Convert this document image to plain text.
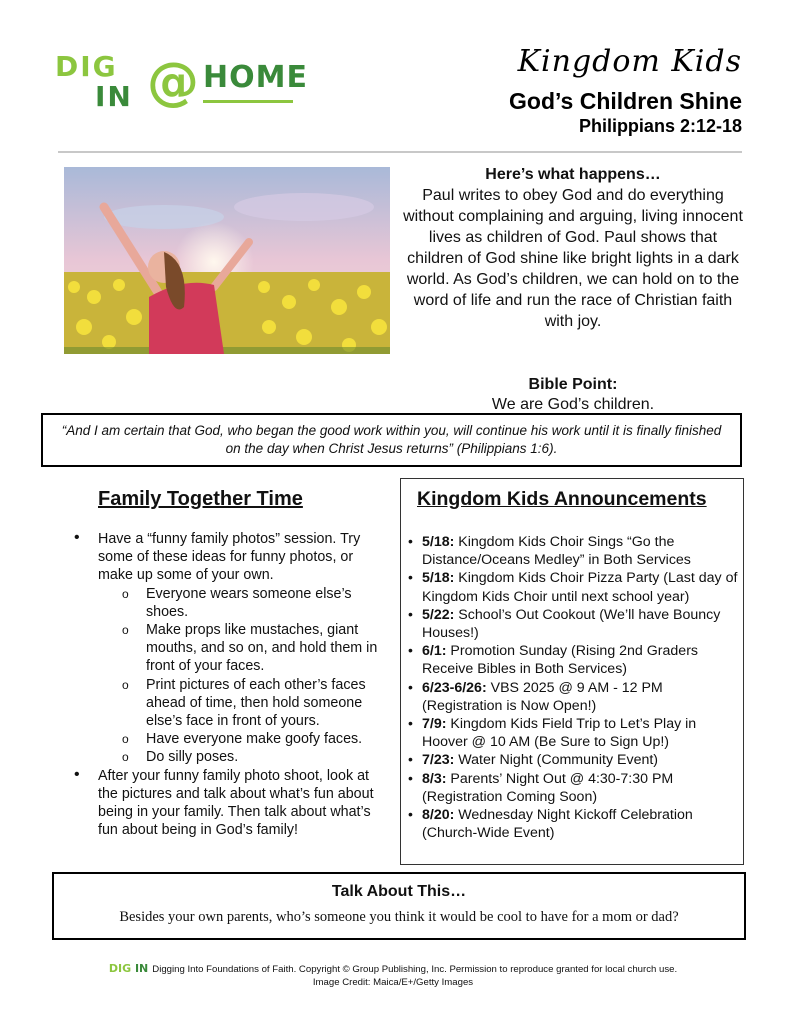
DIG
IN @ HOME	Kingdom Kids
God’s Children Shine
Philippians 2:12-18
Here’s what happens…
Paul writes to obey God and do everything without complaining and arguing, living innocent lives as children of God. Paul shows that children of God shine like bright lights in a dark world. As God’s children, we can hold on to the word of life and run the race of Christian faith with joy.
Bible Point:
We are God’s children.
“And I am certain that God, who began the good work within you, will continue his work until it is finally finished on the day when Christ Jesus returns” (Philippians 1:6).
Family Together Time
• Have a “funny family photos” session. Try some of these ideas for funny photos, or make up some of your own.
o Everyone wears someone else’s shoes.
o Make props like mustaches, giant mouths, and so on, and hold them in front of your faces.
o Print pictures of each other’s faces ahead of time, then hold someone else’s face in front of yours.
o Have everyone make goofy faces.
o Do silly poses.
• After your funny family photo shoot, look at the pictures and talk about what’s fun about being in your family. Then talk about what’s fun about being in God’s family!
Kingdom Kids Announcements
• 5/18: Kingdom Kids Choir Sings “Go the Distance/Oceans Medley” in Both Services
• 5/18: Kingdom Kids Choir Pizza Party (Last day of Kingdom Kids Choir until next school year)
• 5/22: School’s Out Cookout (We’ll have Bouncy Houses!)
• 6/1: Promotion Sunday (Rising 2nd Graders Receive Bibles in Both Services)
• 6/23-6/26: VBS 2025 @ 9 AM - 12 PM (Registration is Now Open!)
• 7/9: Kingdom Kids Field Trip to Let’s Play in Hoover @ 10 AM (Be Sure to Sign Up!)
• 7/23: Water Night (Community Event)
• 8/3: Parents’ Night Out @ 4:30-7:30 PM (Registration Coming Soon)
• 8/20: Wednesday Night Kickoff Celebration (Church-Wide Event)
Talk About This…
Besides your own parents, who’s someone you think it would be cool to have for a mom or dad?
DIG IN Digging Into Foundations of Faith. Copyright © Group Publishing, Inc. Permission to reproduce granted for local church use.
Image Credit: Maica/E+/Getty Images
